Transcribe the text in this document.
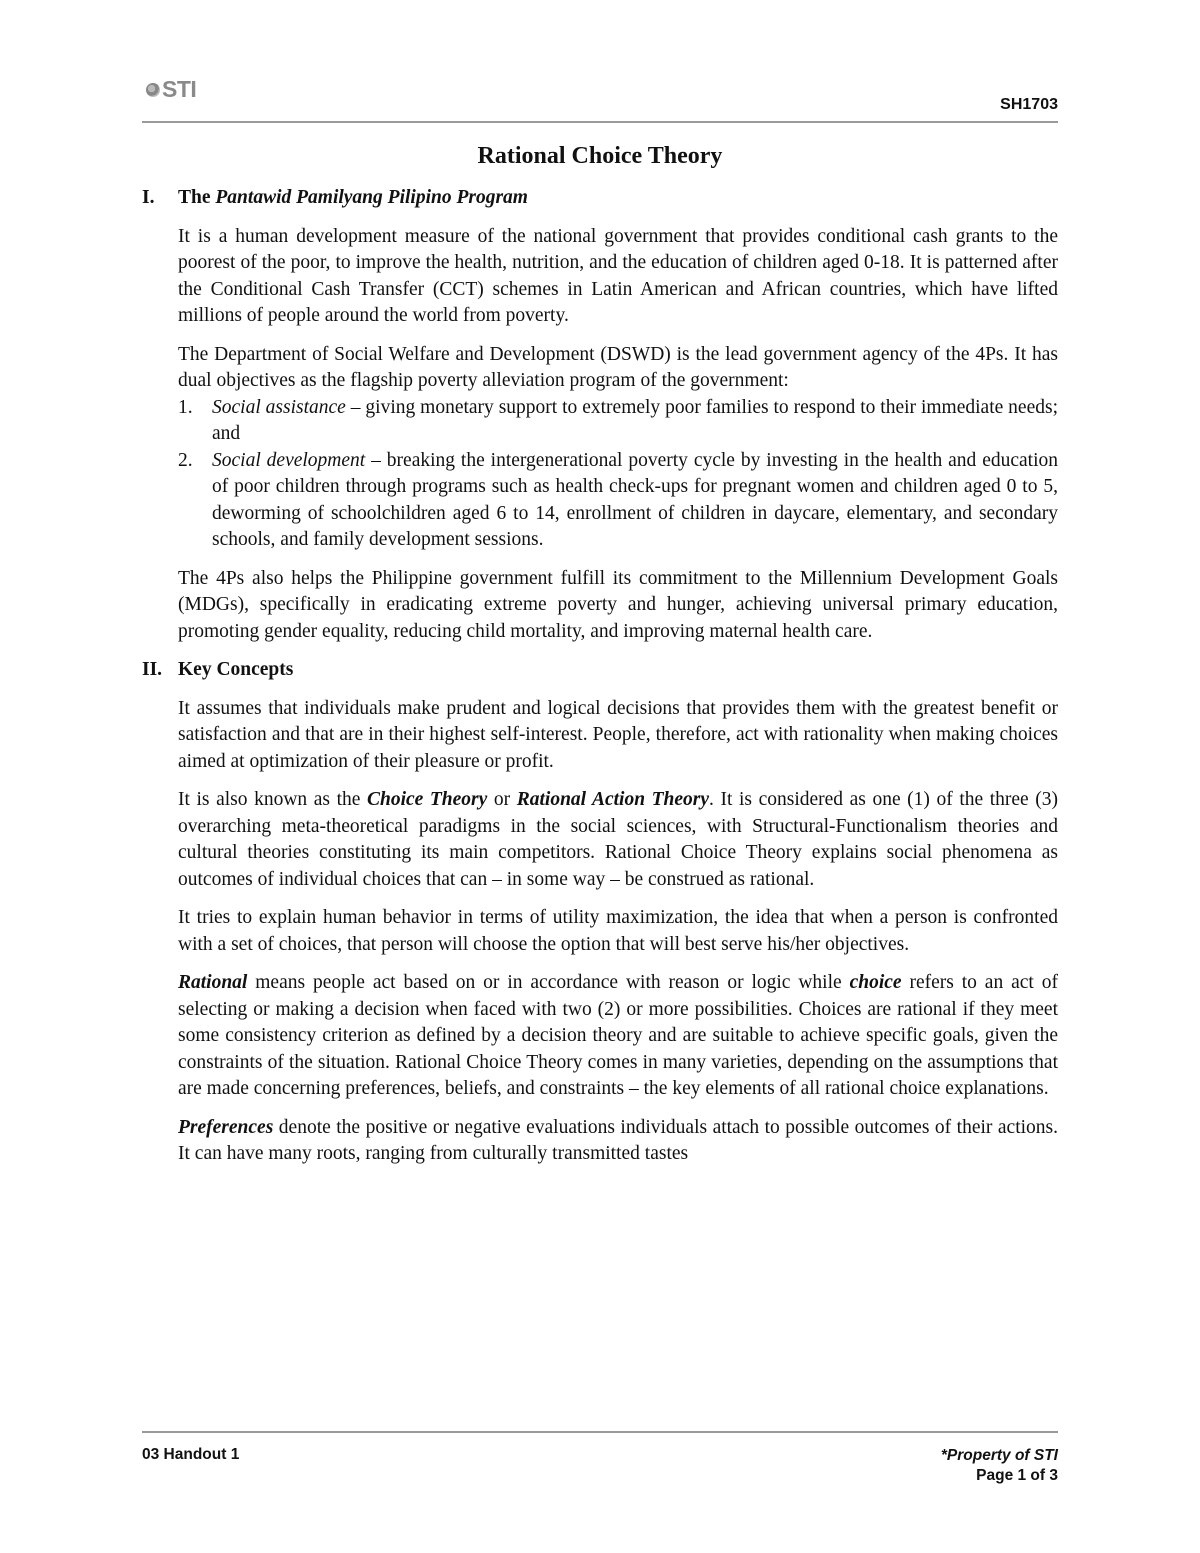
STI
SH1703
Rational Choice Theory
I.	The Pantawid Pamilyang Pilipino Program

It is a human development measure of the national government that provides conditional cash grants to the poorest of the poor, to improve the health, nutrition, and the education of children aged 0-18. It is patterned after the Conditional Cash Transfer (CCT) schemes in Latin American and African countries, which have lifted millions of people around the world from poverty.

The Department of Social Welfare and Development (DSWD) is the lead government agency of the 4Ps. It has dual objectives as the flagship poverty alleviation program of the government:

1. Social assistance – giving monetary support to extremely poor families to respond to their immediate needs; and
2. Social development – breaking the intergenerational poverty cycle by investing in the health and education of poor children through programs such as health check-ups for pregnant women and children aged 0 to 5, deworming of schoolchildren aged 6 to 14, enrollment of children in daycare, elementary, and secondary schools, and family development sessions.

The 4Ps also helps the Philippine government fulfill its commitment to the Millennium Development Goals (MDGs), specifically in eradicating extreme poverty and hunger, achieving universal primary education, promoting gender equality, reducing child mortality, and improving maternal health care.

II. Key Concepts

It assumes that individuals make prudent and logical decisions that provides them with the greatest benefit or satisfaction and that are in their highest self-interest. People, therefore, act with rationality when making choices aimed at optimization of their pleasure or profit.

It is also known as the Choice Theory or Rational Action Theory. It is considered as one (1) of the three (3) overarching meta-theoretical paradigms in the social sciences, with Structural-Functionalism theories and cultural theories constituting its main competitors. Rational Choice Theory explains social phenomena as outcomes of individual choices that can – in some way – be construed as rational.

It tries to explain human behavior in terms of utility maximization, the idea that when a person is confronted with a set of choices, that person will choose the option that will best serve his/her objectives.

Rational means people act based on or in accordance with reason or logic while choice refers to an act of selecting or making a decision when faced with two (2) or more possibilities. Choices are rational if they meet some consistency criterion as defined by a decision theory and are suitable to achieve specific goals, given the constraints of the situation. Rational Choice Theory comes in many varieties, depending on the assumptions that are made concerning preferences, beliefs, and constraints – the key elements of all rational choice explanations.

Preferences denote the positive or negative evaluations individuals attach to possible outcomes of their actions. It can have many roots, ranging from culturally transmitted tastes

03 Handout 1	*Property of STI
Page 1 of 3
